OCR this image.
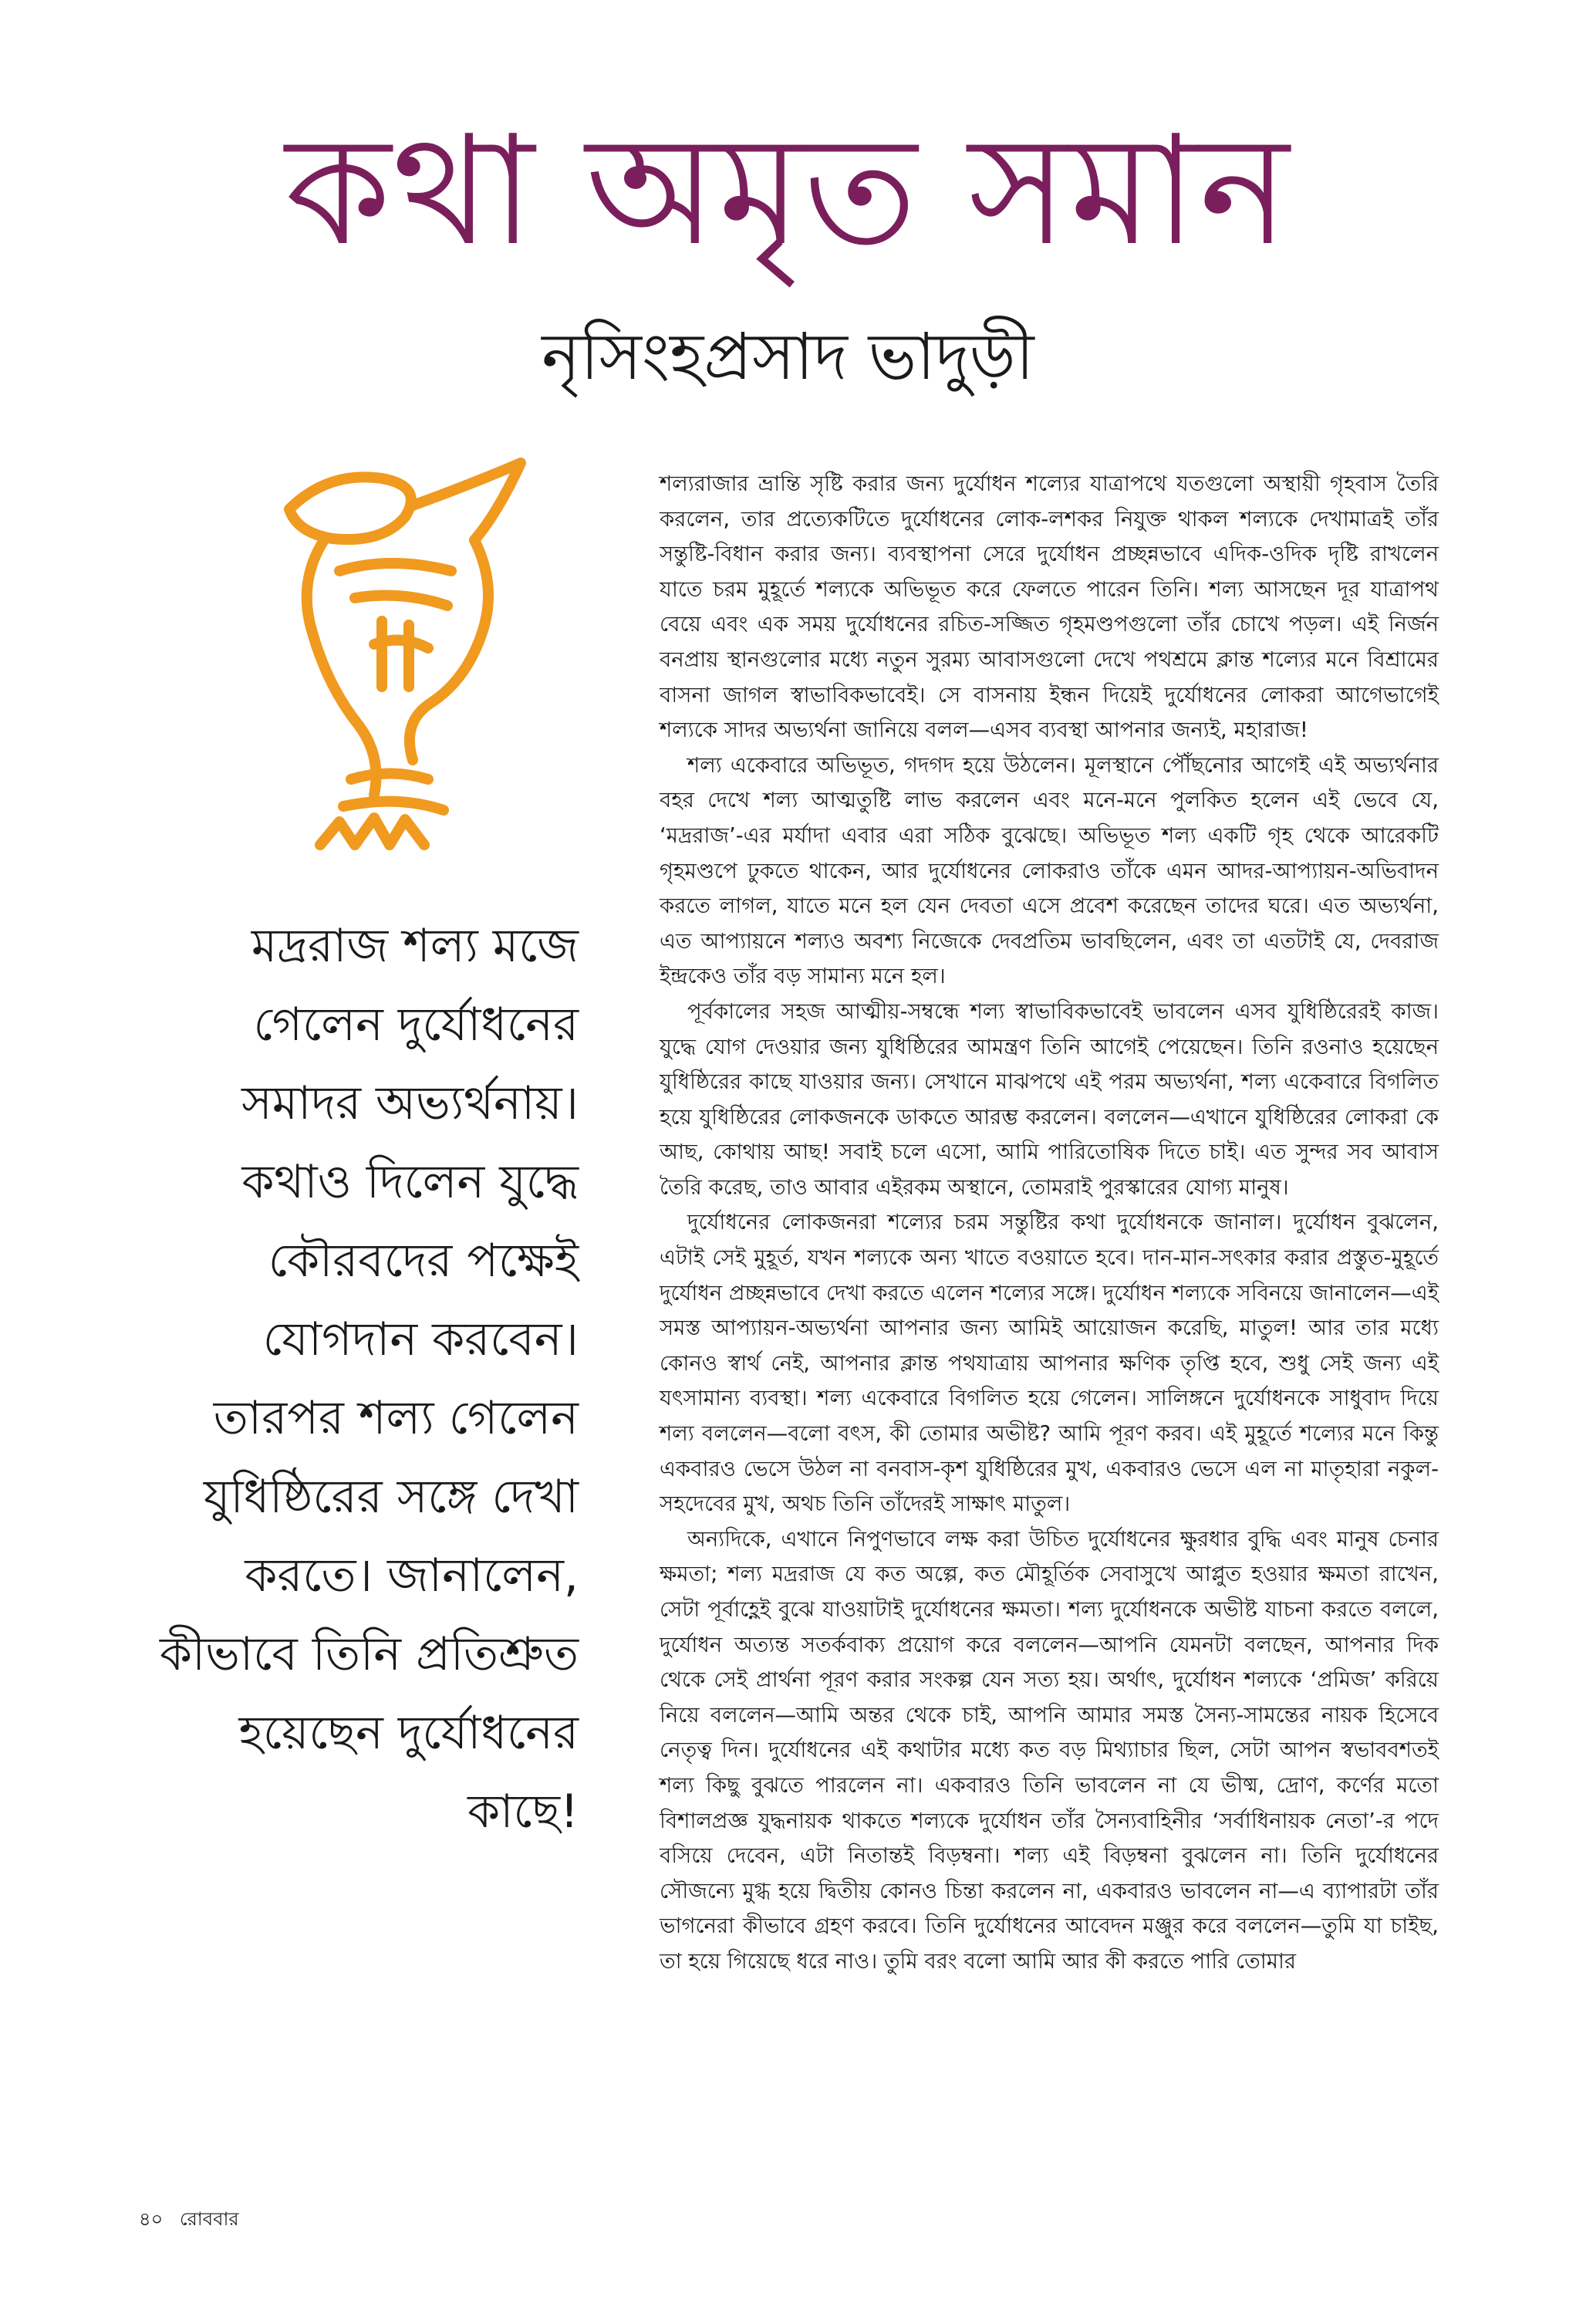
কথা অমৃত সমান
নৃসিংহপ্রসাদ ভাদুড়ী

মদ্ররাজ শল্য মজে গেলেন দুর্যোধনের সমাদর অভ্যর্থনায়। কথাও দিলেন যুদ্ধে কৌরবদের পক্ষেই যোগদান করবেন। তারপর শল্য গেলেন যুধিষ্ঠিরের সঙ্গে দেখা করতে। জানালেন, কীভাবে তিনি প্রতিশ্রুত হয়েছেন দুর্যোধনের কাছে!

শল্যরাজার ভ্রান্তি সৃষ্টি করার জন্য দুর্যোধন শল্যের যাত্রাপথে যতগুলো অস্থায়ী গৃহবাস তৈরি করলেন, তার প্রত্যেকটিতে দুর্যোধনের লোক-লশকর নিযুক্ত থাকল শল্যকে দেখামাত্রই তাঁর সন্তুষ্টি-বিধান করার জন্য। ব্যবস্থাপনা সেরে দুর্যোধন প্রচ্ছন্নভাবে এদিক-ওদিক দৃষ্টি রাখলেন যাতে চরম মুহূর্তে শল্যকে অভিভূত করে ফেলতে পারেন তিনি। শল্য আসছেন দূর যাত্রাপথ বেয়ে এবং এক সময় দুর্যোধনের রচিত-সজ্জিত গৃহমণ্ডপগুলো তাঁর চোখে পড়ল। এই নির্জন বনপ্রায় স্থানগুলোর মধ্যে নতুন সুরম্য আবাসগুলো দেখে পথশ্রমে ক্লান্ত শল্যের মনে বিশ্রামের বাসনা জাগল স্বাভাবিকভাবেই। সে বাসনায় ইন্ধন দিয়েই দুর্যোধনের লোকরা আগেভাগেই শল্যকে সাদর অভ্যর্থনা জানিয়ে বলল—এসব ব্যবস্থা আপনার জন্যই, মহারাজ!

শল্য একেবারে অভিভূত, গদগদ হয়ে উঠলেন। মূলস্থানে পৌঁছনোর আগেই এই অভ্যর্থনার বহর দেখে শল্য আত্মতুষ্টি লাভ করলেন এবং মনে-মনে পুলকিত হলেন এই ভেবে যে, ‘মদ্ররাজ’-এর মর্যাদা এবার এরা সঠিক বুঝেছে। অভিভূত শল্য একটি গৃহ থেকে আরেকটি গৃহমণ্ডপে ঢুকতে থাকেন, আর দুর্যোধনের লোকরাও তাঁকে এমন আদর-আপ্যায়ন-অভিবাদন করতে লাগল, যাতে মনে হল যেন দেবতা এসে প্রবেশ করেছেন তাদের ঘরে। এত অভ্যর্থনা, এত আপ্যায়নে শল্যও অবশ্য নিজেকে দেবপ্রতিম ভাবছিলেন, এবং তা এতটাই যে, দেবরাজ ইন্দ্রকেও তাঁর বড় সামান্য মনে হল।

পূর্বকালের সহজ আত্মীয়-সম্বন্ধে শল্য স্বাভাবিকভাবেই ভাবলেন এসব যুধিষ্ঠিরেরই কাজ। যুদ্ধে যোগ দেওয়ার জন্য যুধিষ্ঠিরের আমন্ত্রণ তিনি আগেই পেয়েছেন। তিনি রওনাও হয়েছেন যুধিষ্ঠিরের কাছে যাওয়ার জন্য। সেখানে মাঝপথে এই পরম অভ্যর্থনা, শল্য একেবারে বিগলিত হয়ে যুধিষ্ঠিরের লোকজনকে ডাকতে আরম্ভ করলেন। বললেন—এখানে যুধিষ্ঠিরের লোকরা কে আছ, কোথায় আছ! সবাই চলে এসো, আমি পারিতোষিক দিতে চাই। এত সুন্দর সব আবাস তৈরি করেছ, তাও আবার এইরকম অস্থানে, তোমরাই পুরস্কারের যোগ্য মানুষ।

দুর্যোধনের লোকজনরা শল্যের চরম সন্তুষ্টির কথা দুর্যোধনকে জানাল। দুর্যোধন বুঝলেন, এটাই সেই মুহূর্ত, যখন শল্যকে অন্য খাতে বওয়াতে হবে। দান-মান-সৎকার করার প্রস্তুত-মুহূর্তে দুর্যোধন প্রচ্ছন্নভাবে দেখা করতে এলেন শল্যের সঙ্গে। দুর্যোধন শল্যকে সবিনয়ে জানালেন—এই সমস্ত আপ্যায়ন-অভ্যর্থনা আপনার জন্য আমিই আয়োজন করেছি, মাতুল! আর তার মধ্যে কোনও স্বার্থ নেই, আপনার ক্লান্ত পথযাত্রায় আপনার ক্ষণিক তৃপ্তি হবে, শুধু সেই জন্য এই যৎসামান্য ব্যবস্থা। শল্য একেবারে বিগলিত হয়ে গেলেন। সালিঙ্গনে দুর্যোধনকে সাধুবাদ দিয়ে শল্য বললেন—বলো বৎস, কী তোমার অভীষ্ট? আমি পূরণ করব। এই মুহূর্তে শল্যের মনে কিন্তু একবারও ভেসে উঠল না বনবাস-কৃশ যুধিষ্ঠিরের মুখ, একবারও ভেসে এল না মাতৃহারা নকুল-সহদেবের মুখ, অথচ তিনি তাঁদেরই সাক্ষাৎ মাতুল।

অন্যদিকে, এখানে নিপুণভাবে লক্ষ করা উচিত দুর্যোধনের ক্ষুরধার বুদ্ধি এবং মানুষ চেনার ক্ষমতা; শল্য মদ্ররাজ যে কত অল্পে, কত মৌহূর্তিক সেবাসুখে আপ্লুত হওয়ার ক্ষমতা রাখেন, সেটা পূর্বাহ্ণেই বুঝে যাওয়াটাই দুর্যোধনের ক্ষমতা। শল্য দুর্যোধনকে অভীষ্ট যাচনা করতে বললে, দুর্যোধন অত্যন্ত সতর্কবাক্য প্রয়োগ করে বললেন—আপনি যেমনটা বলছেন, আপনার দিক থেকে সেই প্রার্থনা পূরণ করার সংকল্প যেন সত্য হয়। অর্থাৎ, দুর্যোধন শল্যকে ‘প্রমিজ’ করিয়ে নিয়ে বললেন—আমি অন্তর থেকে চাই, আপনি আমার সমস্ত সৈন্য-সামন্তের নায়ক হিসেবে নেতৃত্ব দিন। দুর্যোধনের এই কথাটার মধ্যে কত বড় মিথ্যাচার ছিল, সেটা আপন স্বভাববশতই শল্য কিছু বুঝতে পারলেন না। একবারও তিনি ভাবলেন না যে ভীষ্ম, দ্রোণ, কর্ণের মতো বিশালপ্রজ্ঞ যুদ্ধনায়ক থাকতে শল্যকে দুর্যোধন তাঁর সৈন্যবাহিনীর ‘সর্বাধিনায়ক নেতা’-র পদে বসিয়ে দেবেন, এটা নিতান্তই বিড়ম্বনা। শল্য এই বিড়ম্বনা বুঝলেন না। তিনি দুর্যোধনের সৌজন্যে মুগ্ধ হয়ে দ্বিতীয় কোনও চিন্তা করলেন না, একবারও ভাবলেন না—এ ব্যাপারটা তাঁর ভাগনেরা কীভাবে গ্রহণ করবে। তিনি দুর্যোধনের আবেদন মঞ্জুর করে বললেন—তুমি যা চাইছ, তা হয়ে গিয়েছে ধরে নাও। তুমি বরং বলো আমি আর কী করতে পারি তোমার

৪০ রোববার
